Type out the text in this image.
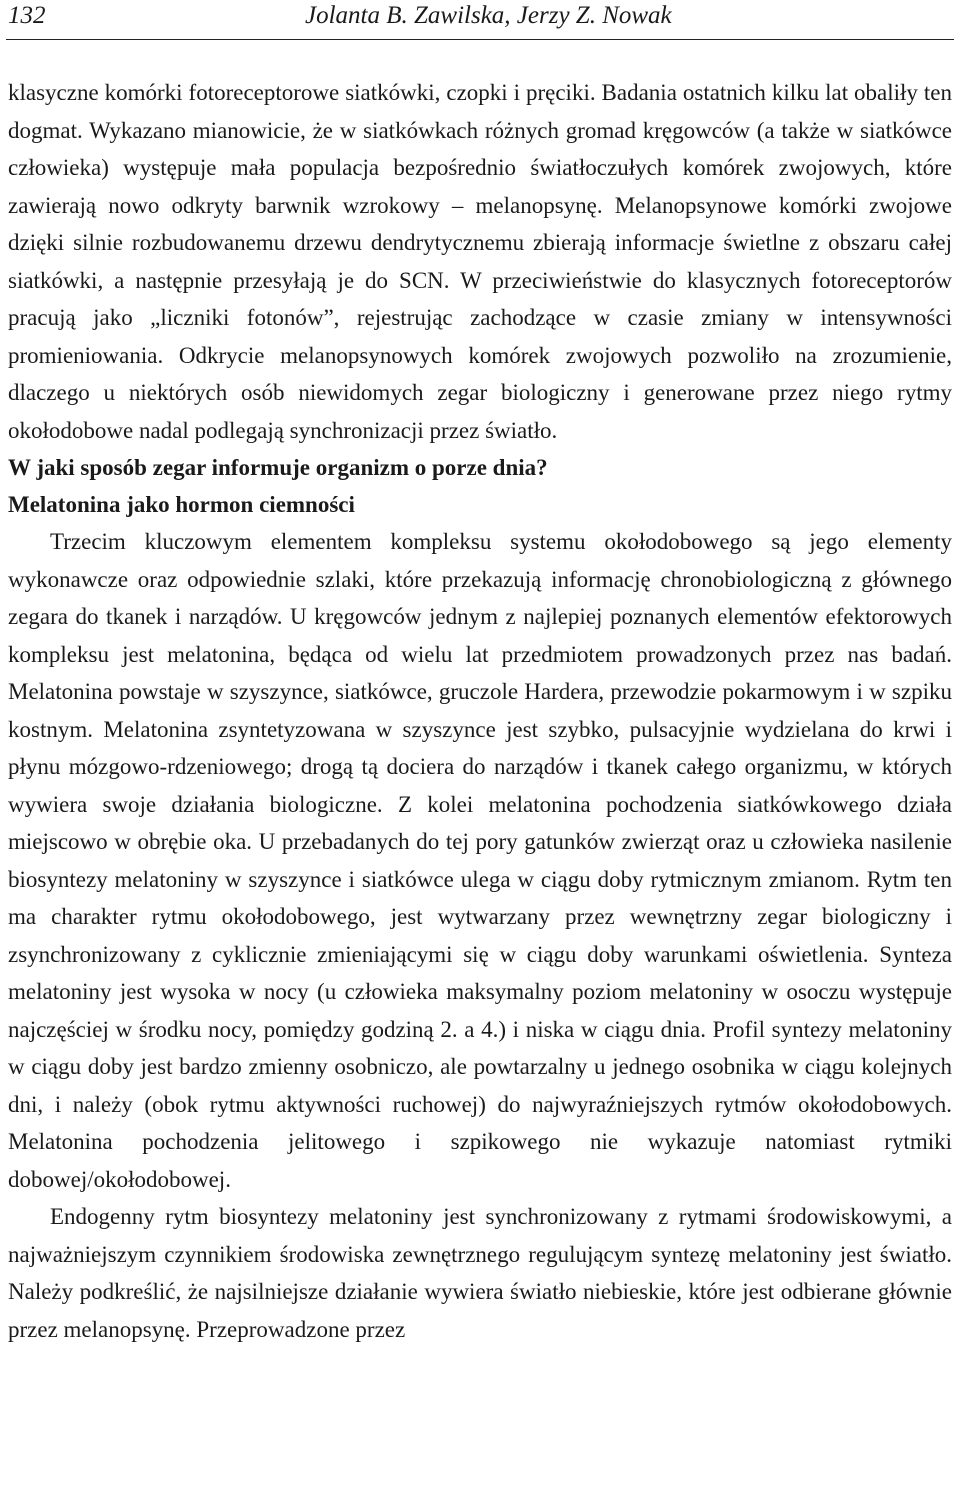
132	Jolanta B. Zawilska, Jerzy Z. Nowak

klasyczne komórki fotoreceptorowe siatkówki, czopki i pręciki. Badania ostatnich kilku lat obaliły ten dogmat. Wykazano mianowicie, że w siatkówkach różnych gromad kręgowców (a także w siatkówce człowieka) występuje mała populacja bezpośrednio światłoczułych komórek zwojowych, które zawierają nowo odkryty barwnik wzrokowy – melanopsynę. Melanopsynowe komórki zwojowe dzięki silnie rozbudowanemu drzewu dendrytycznemu zbierają informacje świetlne z obszaru całej siatkówki, a następnie przesyłają je do SCN. W przeciwieństwie do klasycznych fotoreceptorów pracują jako „liczniki fotonów”, rejestrując zachodzące w czasie zmiany w intensywności promieniowania. Odkrycie melanopsynowych komórek zwojowych pozwoliło na zrozumienie, dlaczego u niektórych osób niewidomych zegar biologiczny i generowane przez niego rytmy okołodobowe nadal podlegają synchronizacji przez światło.

W jaki sposób zegar informuje organizm o porze dnia?

Melatonina jako hormon ciemności

Trzecim kluczowym elementem kompleksu systemu okołodobowego są jego elementy wykonawcze oraz odpowiednie szlaki, które przekazują informację chronobiologiczną z głównego zegara do tkanek i narządów. U kręgowców jednym z najlepiej poznanych elementów efektorowych kompleksu jest melatonina, będąca od wielu lat przedmiotem prowadzonych przez nas badań. Melatonina powstaje w szyszynce, siatkówce, gruczole Hardera, przewodzie pokarmowym i w szpiku kostnym. Melatonina zsyntetyzowana w szyszynce jest szybko, pulsacyjnie wydzielana do krwi i płynu mózgowo-rdzeniowego; drogą tą dociera do narządów i tkanek całego organizmu, w których wywiera swoje działania biologiczne. Z kolei melatonina pochodzenia siatkówkowego działa miejscowo w obrębie oka. U przebadanych do tej pory gatunków zwierząt oraz u człowieka nasilenie biosyntezy melatoniny w szyszynce i siatkówce ulega w ciągu doby rytmicznym zmianom. Rytm ten ma charakter rytmu okołodobowego, jest wytwarzany przez wewnętrzny zegar biologiczny i zsynchronizowany z cyklicznie zmieniającymi się w ciągu doby warunkami oświetlenia. Synteza melatoniny jest wysoka w nocy (u człowieka maksymalny poziom melatoniny w osoczu występuje najczęściej w środku nocy, pomiędzy godziną 2. a 4.) i niska w ciągu dnia. Profil syntezy melatoniny w ciągu doby jest bardzo zmienny osobniczo, ale powtarzalny u jednego osobnika w ciągu kolejnych dni, i należy (obok rytmu aktywności ruchowej) do najwyraźniejszych rytmów okołodobowych. Melatonina pochodzenia jelitowego i szpikowego nie wykazuje natomiast rytmiki dobowej/okołodobowej.

Endogenny rytm biosyntezy melatoniny jest synchronizowany z rytmami środowiskowymi, a najważniejszym czynnikiem środowiska zewnętrznego regulującym syntezę melatoniny jest światło. Należy podkreślić, że najsilniejsze działanie wywiera światło niebieskie, które jest odbierane głównie przez melanopsynę. Przeprowadzone przez
